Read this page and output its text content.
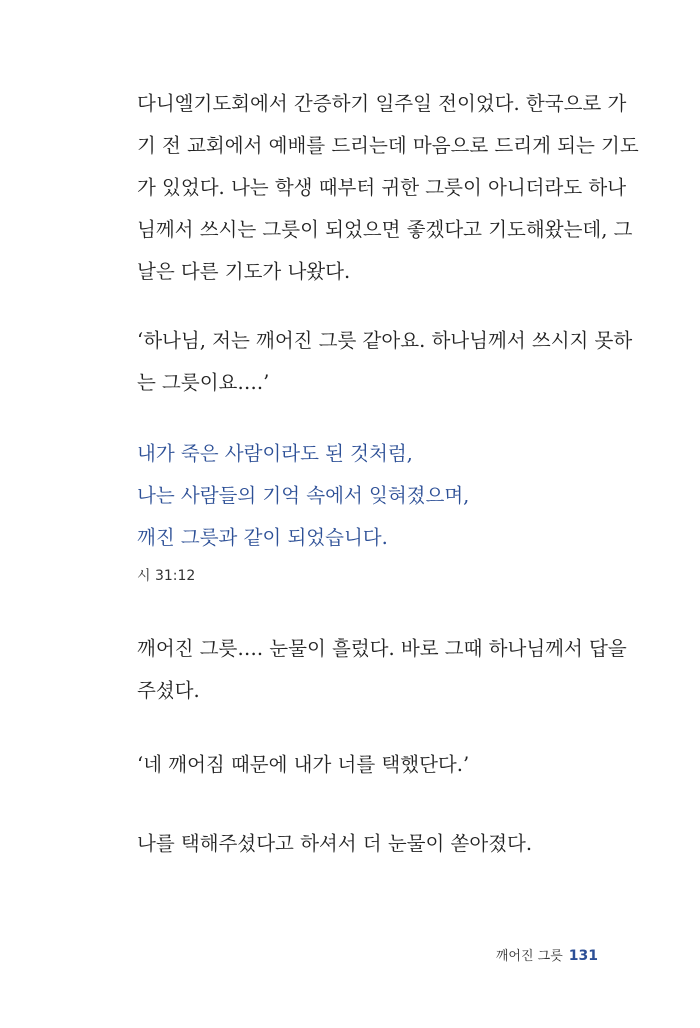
다니엘기도회에서 간증하기 일주일 전이었다. 한국으로 가
기 전 교회에서 예배를 드리는데 마음으로 드리게 되는 기도
가 있었다. 나는 학생 때부터 귀한 그릇이 아니더라도 하나
님께서 쓰시는 그릇이 되었으면 좋겠다고 기도해왔는데, 그
날은 다른 기도가 나왔다.
‘하나님, 저는 깨어진 그릇 같아요. 하나님께서 쓰시지 못하
는 그릇이요….’
내가 죽은 사람이라도 된 것처럼,
나는 사람들의 기억 속에서 잊혀졌으며,
깨진 그릇과 같이 되었습니다.
시 31:12
깨어진 그릇…. 눈물이 흘렀다. 바로 그때 하나님께서 답을
주셨다.
‘네 깨어짐 때문에 내가 너를 택했단다.’
나를 택해주셨다고 하셔서 더 눈물이 쏟아졌다.
깨어진 그릇 131
